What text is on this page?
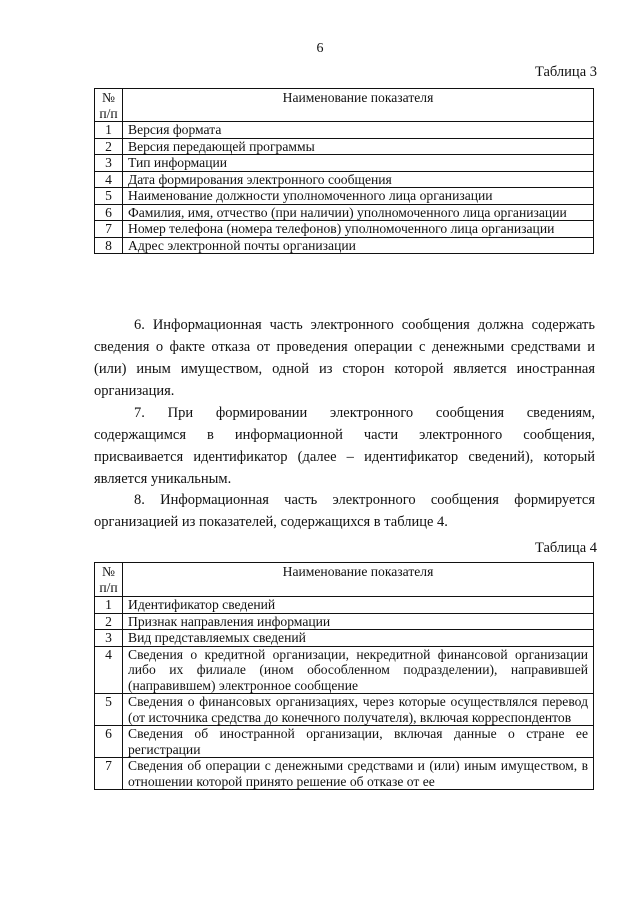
6
Таблица 3
№ п/п	Наименование показателя
1	Версия формата
2	Версия передающей программы
3	Тип информации
4	Дата формирования электронного сообщения
5	Наименование должности уполномоченного лица организации
6	Фамилия, имя, отчество (при наличии) уполномоченного лица организации
7	Номер телефона (номера телефонов) уполномоченного лица организации
8	Адрес электронной почты организации

6. Информационная часть электронного сообщения должна содержать сведения о факте отказа от проведения операции с денежными средствами и (или) иным имуществом, одной из сторон которой является иностранная организация.

7. При формировании электронного сообщения сведениям, содержащимся в информационной части электронного сообщения, присваивается идентификатор (далее – идентификатор сведений), который является уникальным.

8. Информационная часть электронного сообщения формируется организацией из показателей, содержащихся в таблице 4.

Таблица 4
№ п/п	Наименование показателя
1	Идентификатор сведений
2	Признак направления информации
3	Вид представляемых сведений
4	Сведения о кредитной организации, некредитной финансовой организации либо их филиале (ином обособленном подразделении), направившей (направившем) электронное сообщение
5	Сведения о финансовых организациях, через которые осуществлялся перевод (от источника средства до конечного получателя), включая корреспондентов
6	Сведения об иностранной организации, включая данные о стране ее регистрации
7	Сведения об операции с денежными средствами и (или) иным имуществом, в отношении которой принято решение об отказе от ее
